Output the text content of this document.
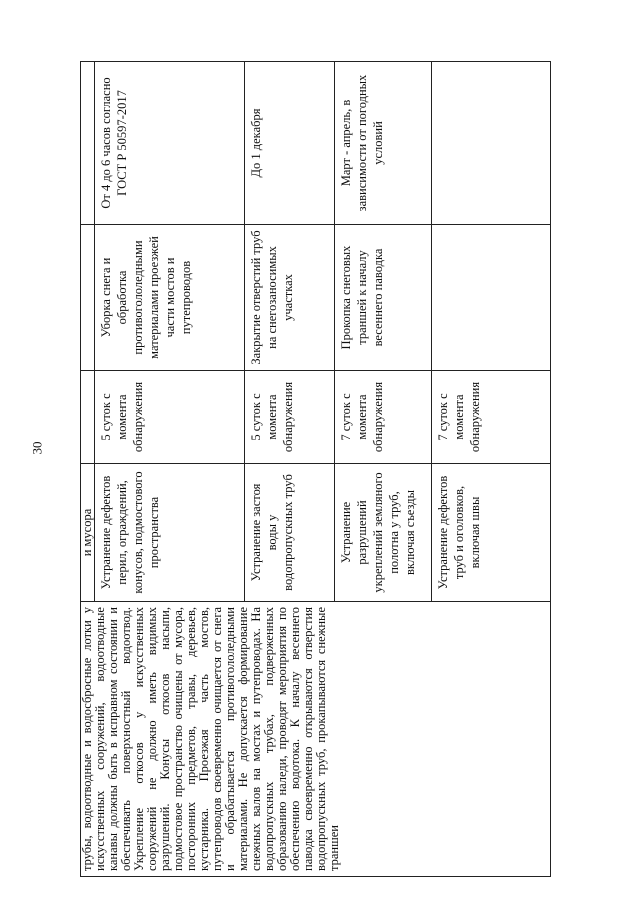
30
трубы, водоотводные и водосбросные лотки у искусственных сооружений, водоотводные канавы должны быть в исправном состоянии и обеспечивать поверхностный водоотвод. Укрепление откосов у искусственных сооружений не должно иметь видимых разрушений. Конусы откосов насыпи, подмостовое пространство очищены от мусора, посторонних предметов, травы, деревьев, кустарника. Проезжая часть мостов, путепроводов своевременно очищается от снега и обрабатывается противогололедными материалами. Не допускается формирование снежных валов на мостах и путепроводах. На водопропускных трубах, подверженных образованию наледи, проводят мероприятия по обеспечению водотока. К началу весеннего паводка своевременно открываются отверстия водопропускных труб, прокапываются снежные траншеи	и мусора			
	Устранение дефектов перил, ограждений, конусов, подмостового пространства	5 суток с момента обнаружения	Уборка снега и обработка противогололедными материалами проезжей части мостов и путепроводов	От 4 до 6 часов согласно ГОСТ Р 50597-2017
	Устранение застоя воды у водопропускных труб	5 суток с момента обнаружения	Закрытие отверстий труб на снегозаносимых участках	До 1 декабря
	Устранение разрушений укреплений земляного полотна у труб, включая съезды	7 суток с момента обнаружения	Прокопка снеговых траншей к началу весеннего паводка	Март - апрель, в зависимости от погодных условий
	Устранение дефектов труб и оголовков, включая швы	7 суток с момента обнаружения		
